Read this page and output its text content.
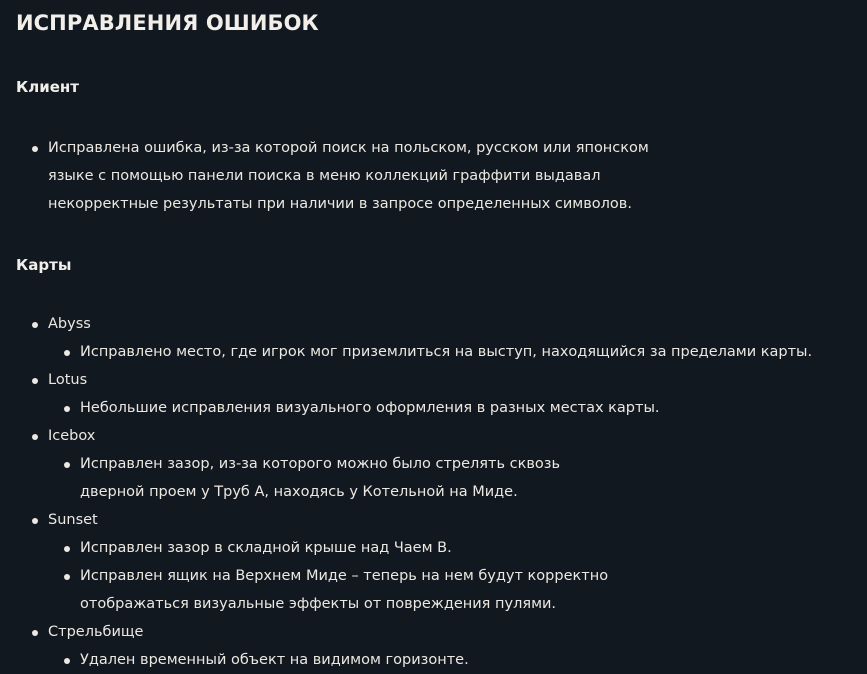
ИСПРАВЛЕНИЯ ОШИБОК
Клиент
Исправлена ошибка, из-за которой поиск на польском, русском или японском
языке с помощью панели поиска в меню коллекций граффити выдавал
некорректные результаты при наличии в запросе определенных символов.
Карты
Abyss
Исправлено место, где игрок мог приземлиться на выступ, находящийся за пределами карты.
Lotus
Небольшие исправления визуального оформления в разных местах карты.
Icebox
Исправлен зазор, из-за которого можно было стрелять сквозь
дверной проем у Труб A, находясь у Котельной на Миде.
Sunset
Исправлен зазор в складной крыше над Чаем B.
Исправлен ящик на Верхнем Миде – теперь на нем будут корректно
отображаться визуальные эффекты от повреждения пулями.
Стрельбище
Удален временный объект на видимом горизонте.
